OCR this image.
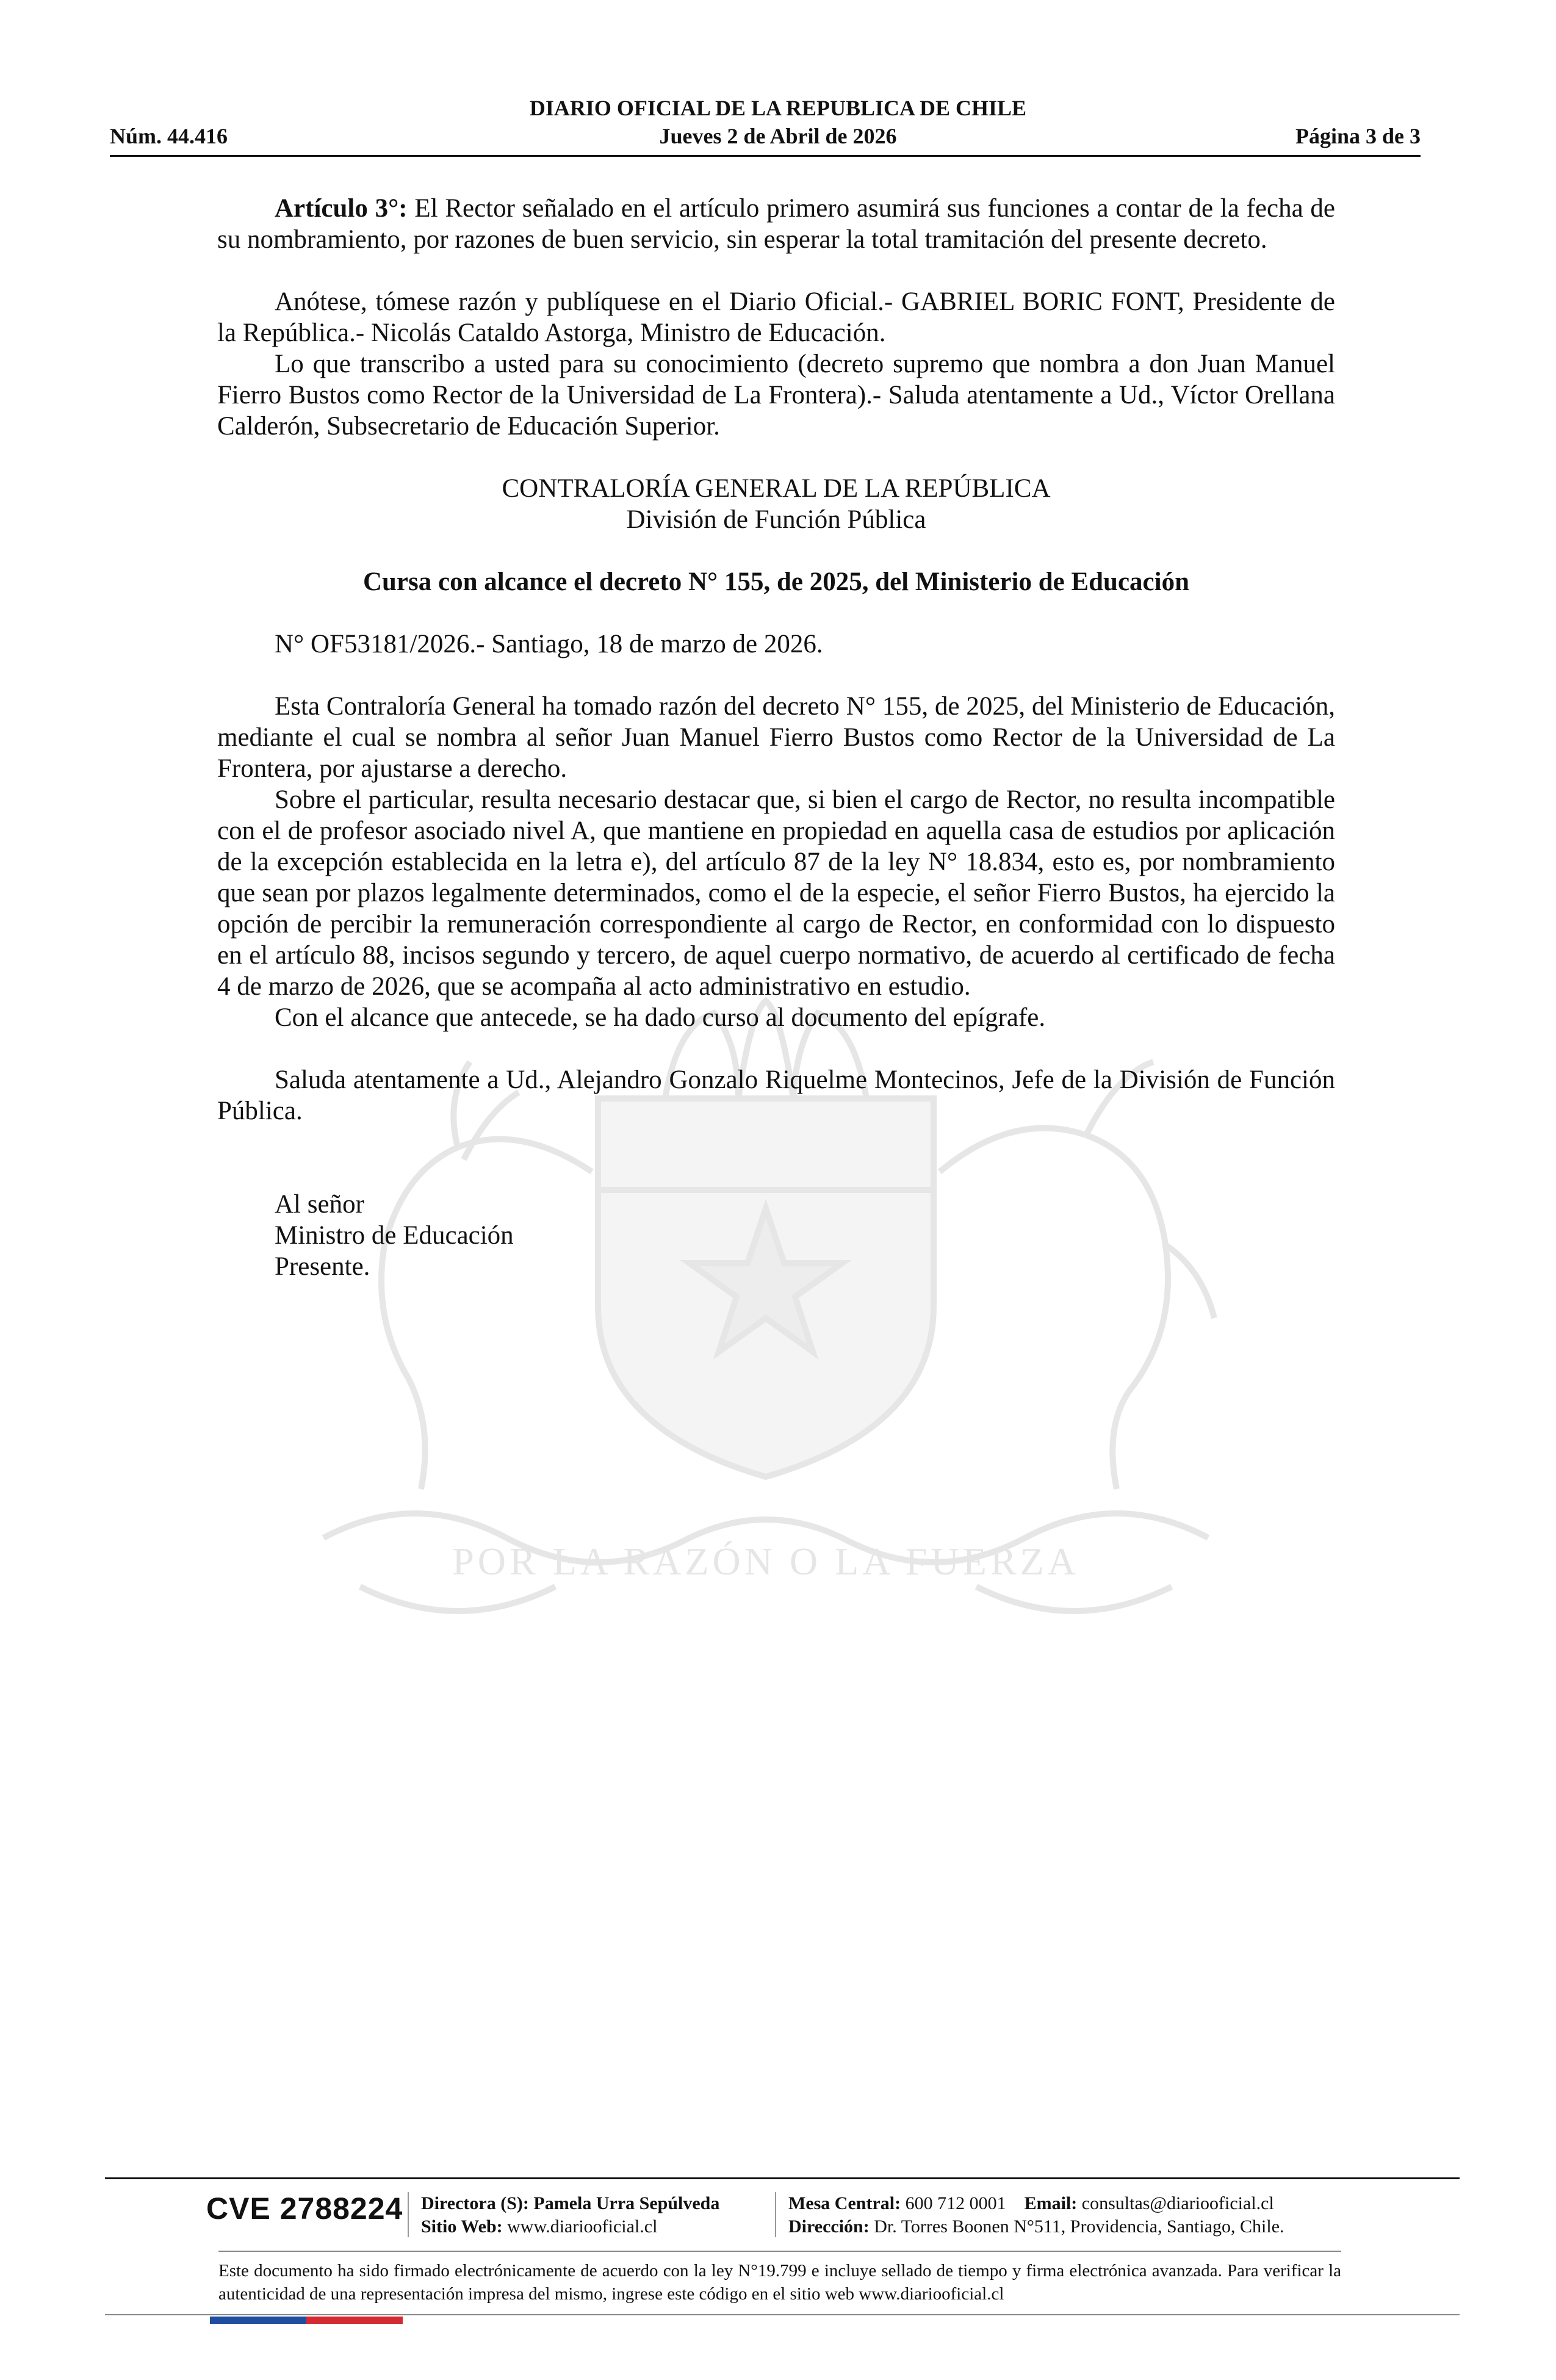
DIARIO OFICIAL DE LA REPUBLICA DE CHILE
Núm. 44.416	Jueves 2 de Abril de 2026	Página 3 de 3
POR LA RAZÓN O LA FUERZA

Artículo 3°: El Rector señalado en el artículo primero asumirá sus funciones a contar de la fecha de su nombramiento, por razones de buen servicio, sin esperar la total tramitación del presente decreto.

Anótese, tómese razón y publíquese en el Diario Oficial.- GABRIEL BORIC FONT, Presidente de la República.- Nicolás Cataldo Astorga, Ministro de Educación.

Lo que transcribo a usted para su conocimiento (decreto supremo que nombra a don Juan Manuel Fierro Bustos como Rector de la Universidad de La Frontera).- Saluda atentamente a Ud., Víctor Orellana Calderón, Subsecretario de Educación Superior.

CONTRALORÍA GENERAL DE LA REPÚBLICA

División de Función Pública

Cursa con alcance el decreto N° 155, de 2025, del Ministerio de Educación

N° OF53181/2026.- Santiago, 18 de marzo de 2026.

Esta Contraloría General ha tomado razón del decreto N° 155, de 2025, del Ministerio de Educación, mediante el cual se nombra al señor Juan Manuel Fierro Bustos como Rector de la Universidad de La Frontera, por ajustarse a derecho.

Sobre el particular, resulta necesario destacar que, si bien el cargo de Rector, no resulta incompatible con el de profesor asociado nivel A, que mantiene en propiedad en aquella casa de estudios por aplicación de la excepción establecida en la letra e), del artículo 87 de la ley N° 18.834, esto es, por nombramiento que sean por plazos legalmente determinados, como el de la especie, el señor Fierro Bustos, ha ejercido la opción de percibir la remuneración correspondiente al cargo de Rector, en conformidad con lo dispuesto en el artículo 88, incisos segundo y tercero, de aquel cuerpo normativo, de acuerdo al certificado de fecha 4 de marzo de 2026, que se acompaña al acto administrativo en estudio.

Con el alcance que antecede, se ha dado curso al documento del epígrafe.

Saluda atentamente a Ud., Alejandro Gonzalo Riquelme Montecinos, Jefe de la División de Función Pública.

Al señor

Ministro de Educación

Presente.

CVE 2788224 Directora (S): Pamela Urra Sepúlveda
Sitio Web: www.diariooficial.cl
Mesa Central: 600 712 0001 Email: consultas@diariooficial.cl
Dirección: Dr. Torres Boonen N°511, Providencia, Santiago, Chile.
Este documento ha sido firmado electrónicamente de acuerdo con la ley N°19.799 e incluye sellado de tiempo y firma electrónica avanzada. Para verificar la autenticidad de una representación impresa del mismo, ingrese este código en el sitio web www.diariooficial.cl
